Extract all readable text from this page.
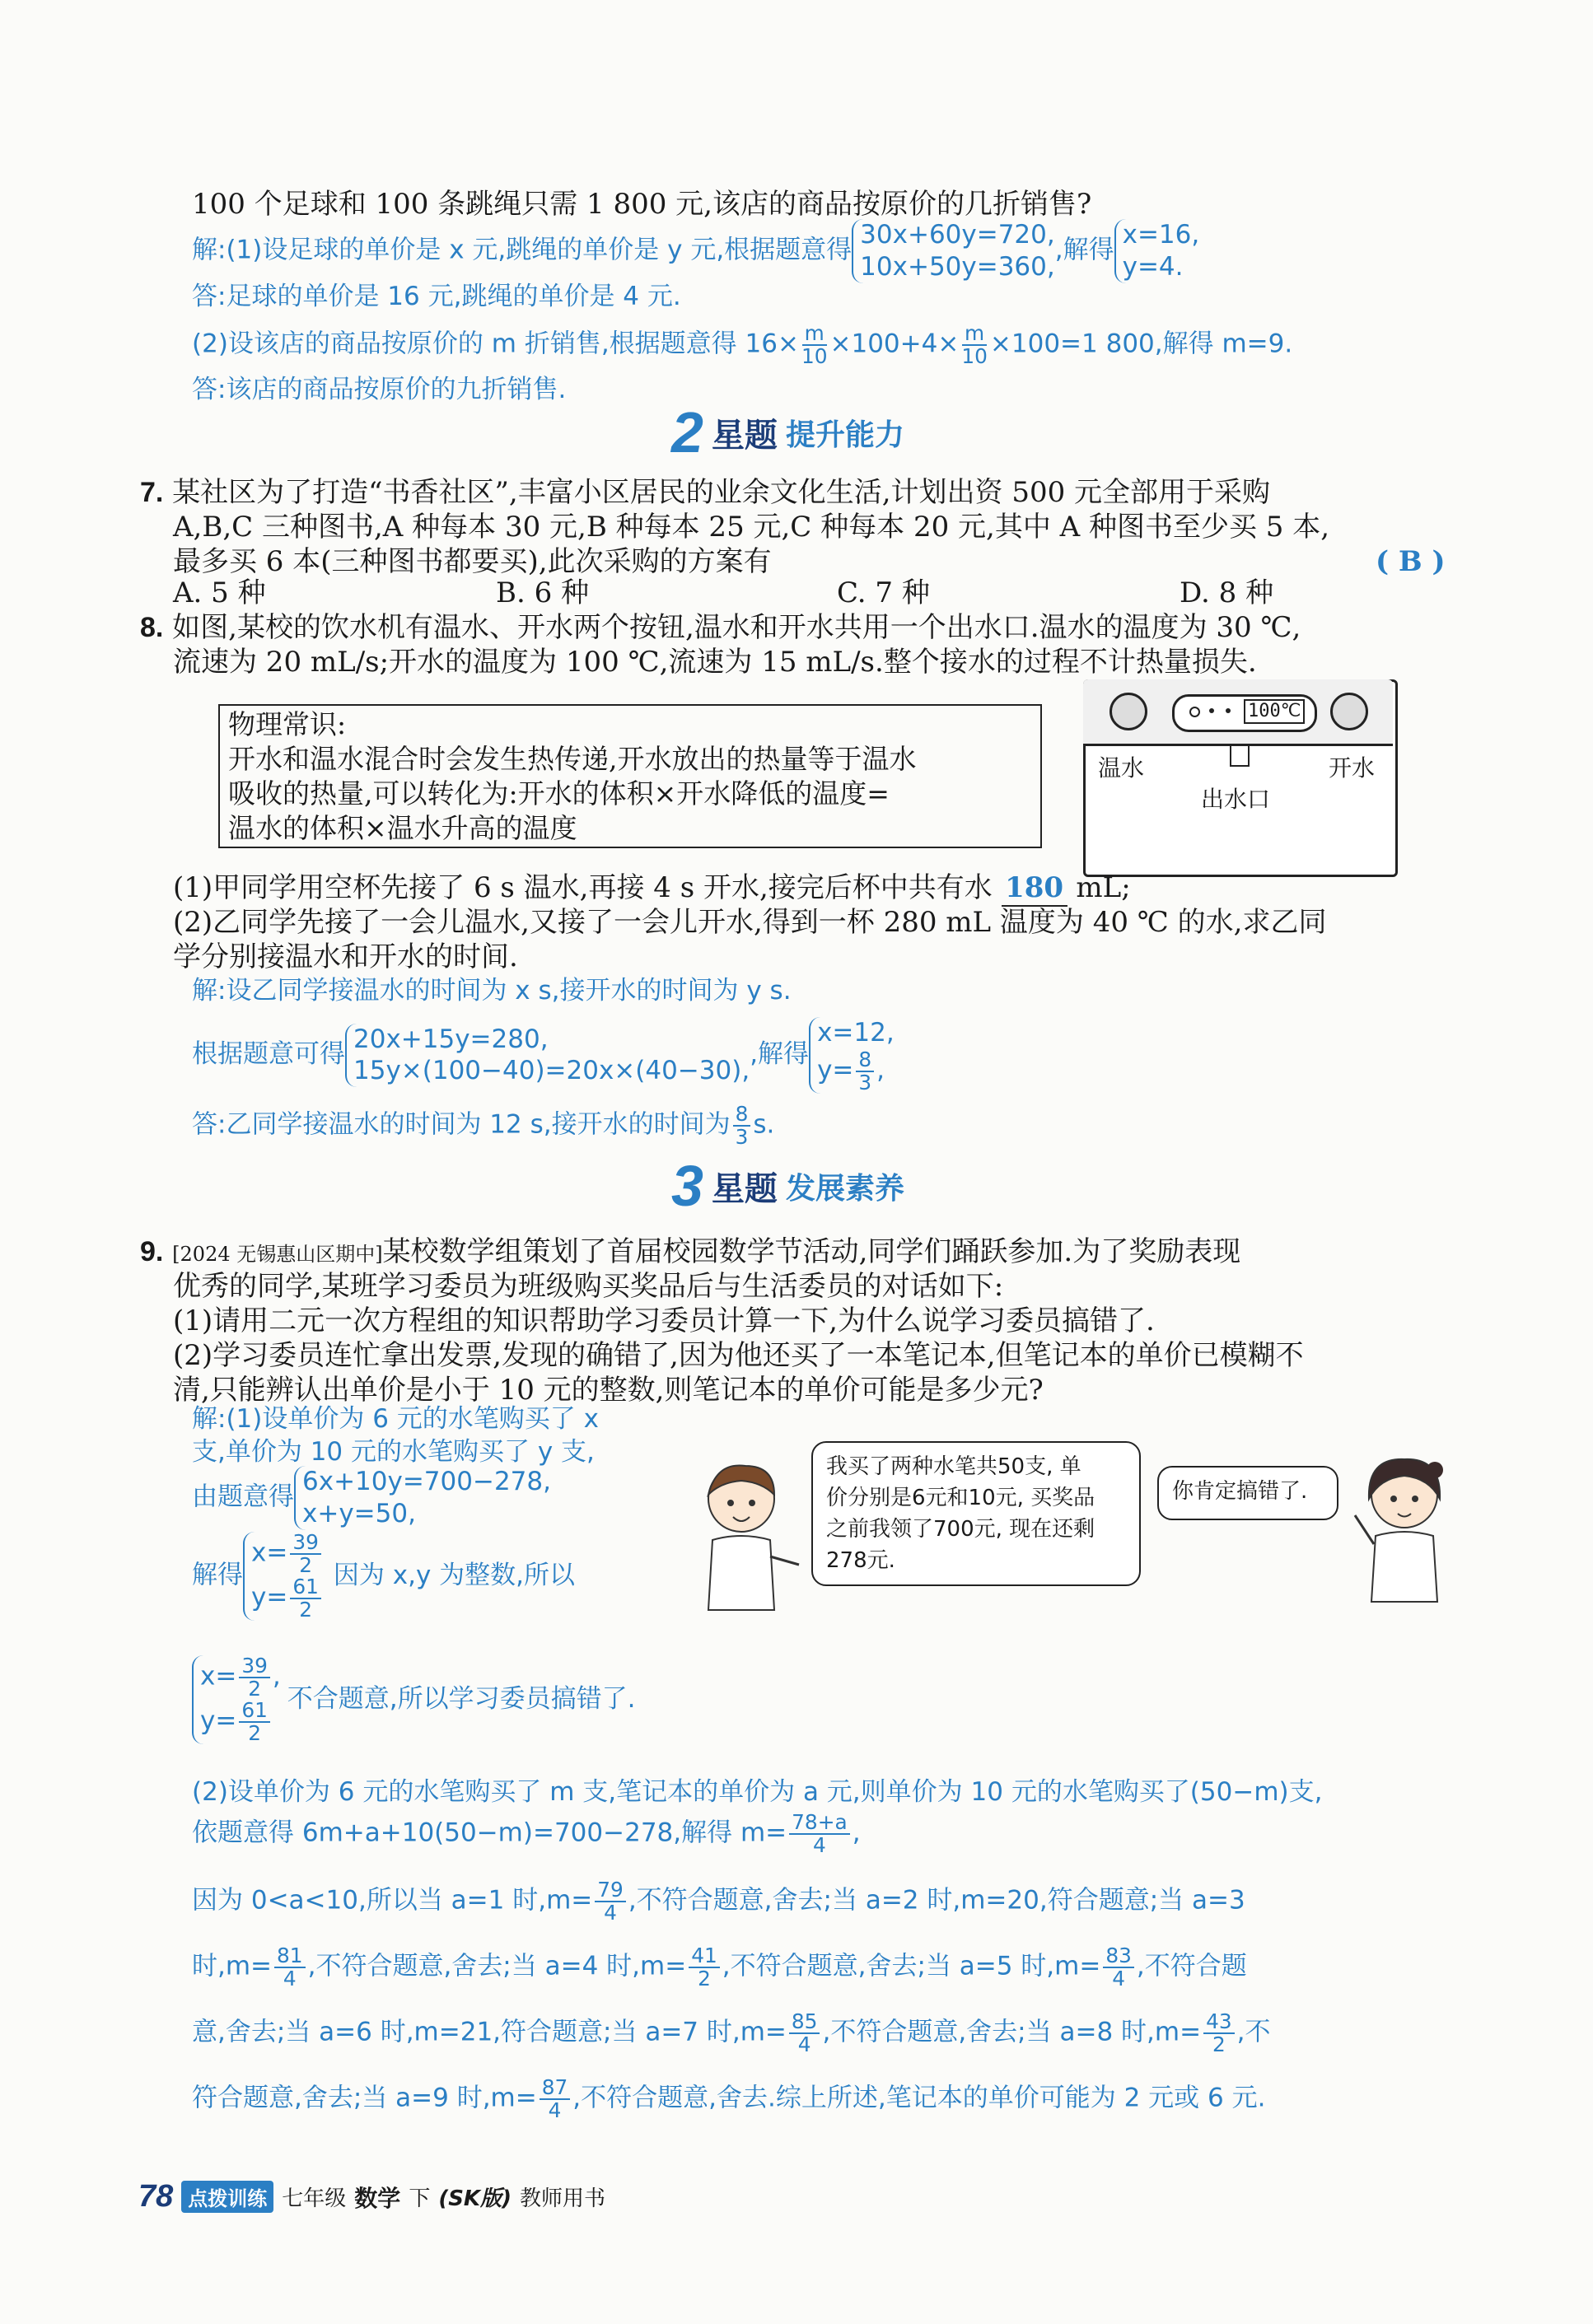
100 个足球和 100 条跳绳只需 1 800 元,该店的商品按原价的几折销售?
解:(1)设足球的单价是 x 元,跳绳的单价是 y 元,根据题意得
30x+60y=720,
10x+50y=360,
,解得
x=16,
y=4.
答:足球的单价是 16 元,跳绳的单价是 4 元.
(2)设该店的商品按原价的 m 折销售,根据题意得 $16\times \frac{m}{10} \times 100+4\times \frac{m}{10} \times 100=1$ 800,解得 m=9.
答:该店的商品按原价的九折销售.
2 星题 提升能力
7. 某社区为了打造“书香社区”,丰富小区居民的业余文化生活,计划出资 500 元全部用于采购
A,B,C 三种图书,A 种每本 30 元,B 种每本 25 元,C 种每本 20 元,其中 A 种图书至少买 5 本,
最多买 6 本(三种图书都要买),此次采购的方案有	( B )
A. 5 种	B. 6 种	C. 7 种	D. 8 种
8. 如图,某校的饮水机有温水、开水两个按钮,温水和开水共用一个出水口.温水的温度为 30 ℃,
流速为 20 mL/s;开水的温度为 100 ℃,流速为 15 mL/s.整个接水的过程不计热量损失.
物理常识:
开水和温水混合时会发生热传递,开水放出的热量等于温水
吸收的热量,可以转化为:开水的体积×开水降低的温度=
温水的体积×温水升高的温度
100℃
温水	开水
出水口
(1)甲同学用空杯先接了 6 s 温水,再接 4 s 开水,接完后杯中共有水 180 mL;
(2)乙同学先接了一会儿温水,又接了一会儿开水,得到一杯 280 mL 温度为 40 ℃ 的水,求乙同
学分别接温水和开水的时间.
解:设乙同学接温水的时间为 x s,接开水的时间为 y s.
根据题意可得
20x+15y=280,
15y×(100−40)=20x×(40−30),
,解得
x=12,
$y= \frac{8}{3}$ ,
答:乙同学接温水的时间为 12 s,接开水的时间为 $\frac{8}{3} s$.
3 星题 发展素养
9. [2024 无锡惠山区期中]某校数学组策划了首届校园数学节活动,同学们踊跃参加.为了奖励表现
优秀的同学,某班学习委员为班级购买奖品后与生活委员的对话如下:
(1)请用二元一次方程组的知识帮助学习委员计算一下,为什么说学习委员搞错了.
(2)学习委员连忙拿出发票,发现的确错了,因为他还买了一本笔记本,但笔记本的单价已模糊不
清,只能辨认出单价是小于 10 元的整数,则笔记本的单价可能是多少元?
解:(1)设单价为 6 元的水笔购买了 x
支,单价为 10 元的水笔购买了 y 支,
由题意得
6x+10y=700−278,
x+y=50,
解得
$x= \frac{39}{2}$
$y= \frac{61}{2}$
因为 x,y 为整数,所以
$x= \frac{39}{2}$ ,
$y= \frac{61}{2}$
不合题意,所以学习委员搞错了.
我买了两种水笔共50支, 单
价分别是6元和10元, 买奖品
之前我领了700元, 现在还剩
278元.
你肯定搞错了.
(2)设单价为 6 元的水笔购买了 m 支,笔记本的单价为 a 元,则单价为 10 元的水笔购买了(50−m)支,
依题意得 6m+a+10(50−m)=700−278,解得 $m= \frac{78+a}{4}$ ,
因为 0<a<10,所以当 a=1 时$,m= \frac{79}{4}$ ,不符合题意,舍去;当 a=2 时,m=20,符合题意;当 a=3
时$,m= \frac{81}{4}$ ,不符合题意,舍去;当 a=4 时$,m= \frac{41}{2}$ ,不符合题意,舍去;当 a=5 时$,m= \frac{83}{4}$ ,不符合题
意,舍去;当 a=6 时,m=21,符合题意;当 a=7 时$,m= \frac{85}{4}$ ,不符合题意,舍去;当 a=8 时$,m= \frac{43}{2}$ ,不
符合题意,舍去;当 a=9 时$,m= \frac{87}{4}$ ,不符合题意,舍去.综上所述,笔记本的单价可能为 2 元或 6 元.
78 点拨训练 七年级 数学 下 (SK版) 教师用书
